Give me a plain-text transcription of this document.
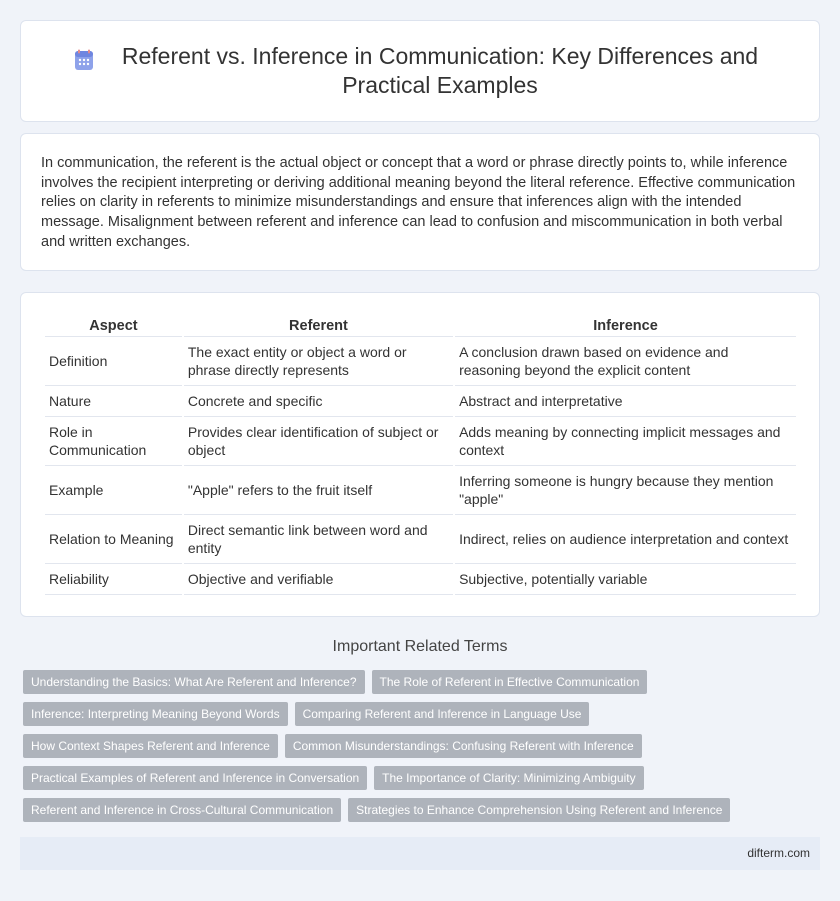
Referent vs. Inference in Communication: Key Differences and Practical Examples

In communication, the referent is the actual object or concept that a word or phrase directly points to, while inference involves the recipient interpreting or deriving additional meaning beyond the literal reference. Effective communication relies on clarity in referents to minimize misunderstandings and ensure that inferences align with the intended message. Misalignment between referent and inference can lead to confusion and miscommunication in both verbal and written exchanges.

Aspect	Referent	Inference
Definition	The exact entity or object a word or phrase directly represents	A conclusion drawn based on evidence and reasoning beyond the explicit content
Nature	Concrete and specific	Abstract and interpretative
Role in Communication	Provides clear identification of subject or object	Adds meaning by connecting implicit messages and context
Example	"Apple" refers to the fruit itself	Inferring someone is hungry because they mention "apple"
Relation to Meaning	Direct semantic link between word and entity	Indirect, relies on audience interpretation and context
Reliability	Objective and verifiable	Subjective, potentially variable
Important Related Terms
Understanding the Basics: What Are Referent and Inference?	The Role of Referent in Effective Communication
Inference: Interpreting Meaning Beyond Words	Comparing Referent and Inference in Language Use
How Context Shapes Referent and Inference	Common Misunderstandings: Confusing Referent with Inference
Practical Examples of Referent and Inference in Conversation	The Importance of Clarity: Minimizing Ambiguity
Referent and Inference in Cross-Cultural Communication	Strategies to Enhance Comprehension Using Referent and Inference
difterm.com
